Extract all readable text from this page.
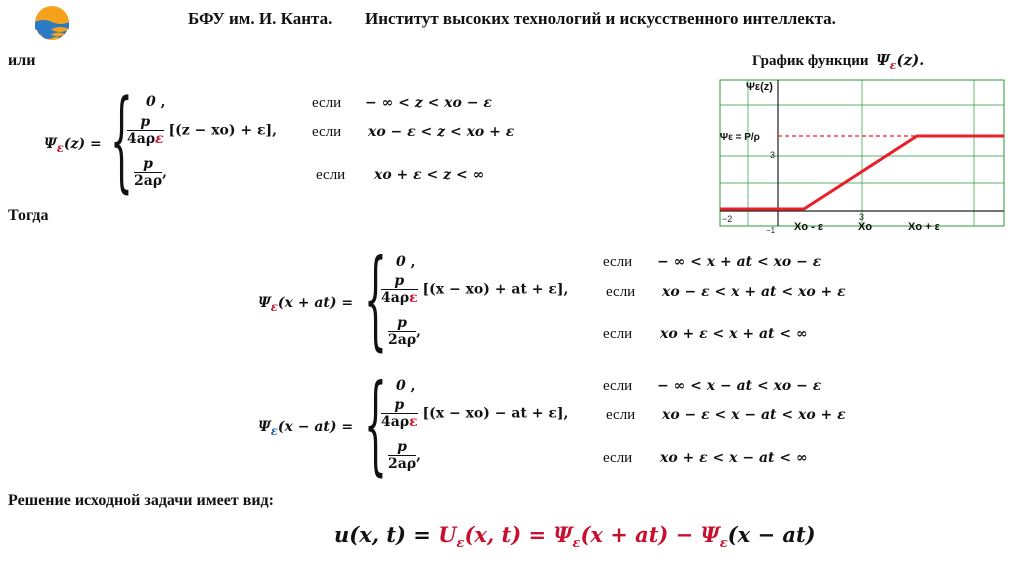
БФУ им. И. Канта. Институт высоких технологий и искусственного интеллекта.
или
Тогда
Решение исходной задачи имеет вид:
$\Psi_\varepsilon(z)$ = { 0 ,
$\frac{p}{\text{4aρε}} [(z - xo) + \varepsilon]$,
$\frac{p}{2a\rho}$ ,
если
если
если
− ∞ < z < xo − ε
xo − ε < z < xo + ε
xo + ε < z < ∞
$\Psi_\varepsilon(x + at)$ = { 0 ,
$\frac{p}{\text{4aρε}} [(x - xo)$ + at + ε],
$\frac{p}{2a\rho}$ ,
если
если
если
− ∞ < x + at < xo − ε
xo − ε < x + at < xo + ε
xo + ε < x + at < ∞
$\Psi_\varepsilon(x - at)$ = { 0 ,
$\frac{p}{\text{4aρε}} [(x - xo)$ − at + ε],
$\frac{p}{2a\rho}$ ,
если
если
если
− ∞ < x − at < xo − ε
xo − ε < x − at < xo + ε
xo + ε < x − at < ∞
u(x, $t) = U_\varepsilon(x$, $t) = \Psi_\varepsilon(x + at) - \Psi_\varepsilon(x - at)$
График функции $\Psi_\varepsilon(z)$.
Ψε(z)
Ψε = P/ρ
3
−2
−1
3
Xo - ε	Xo	Xo + ε
